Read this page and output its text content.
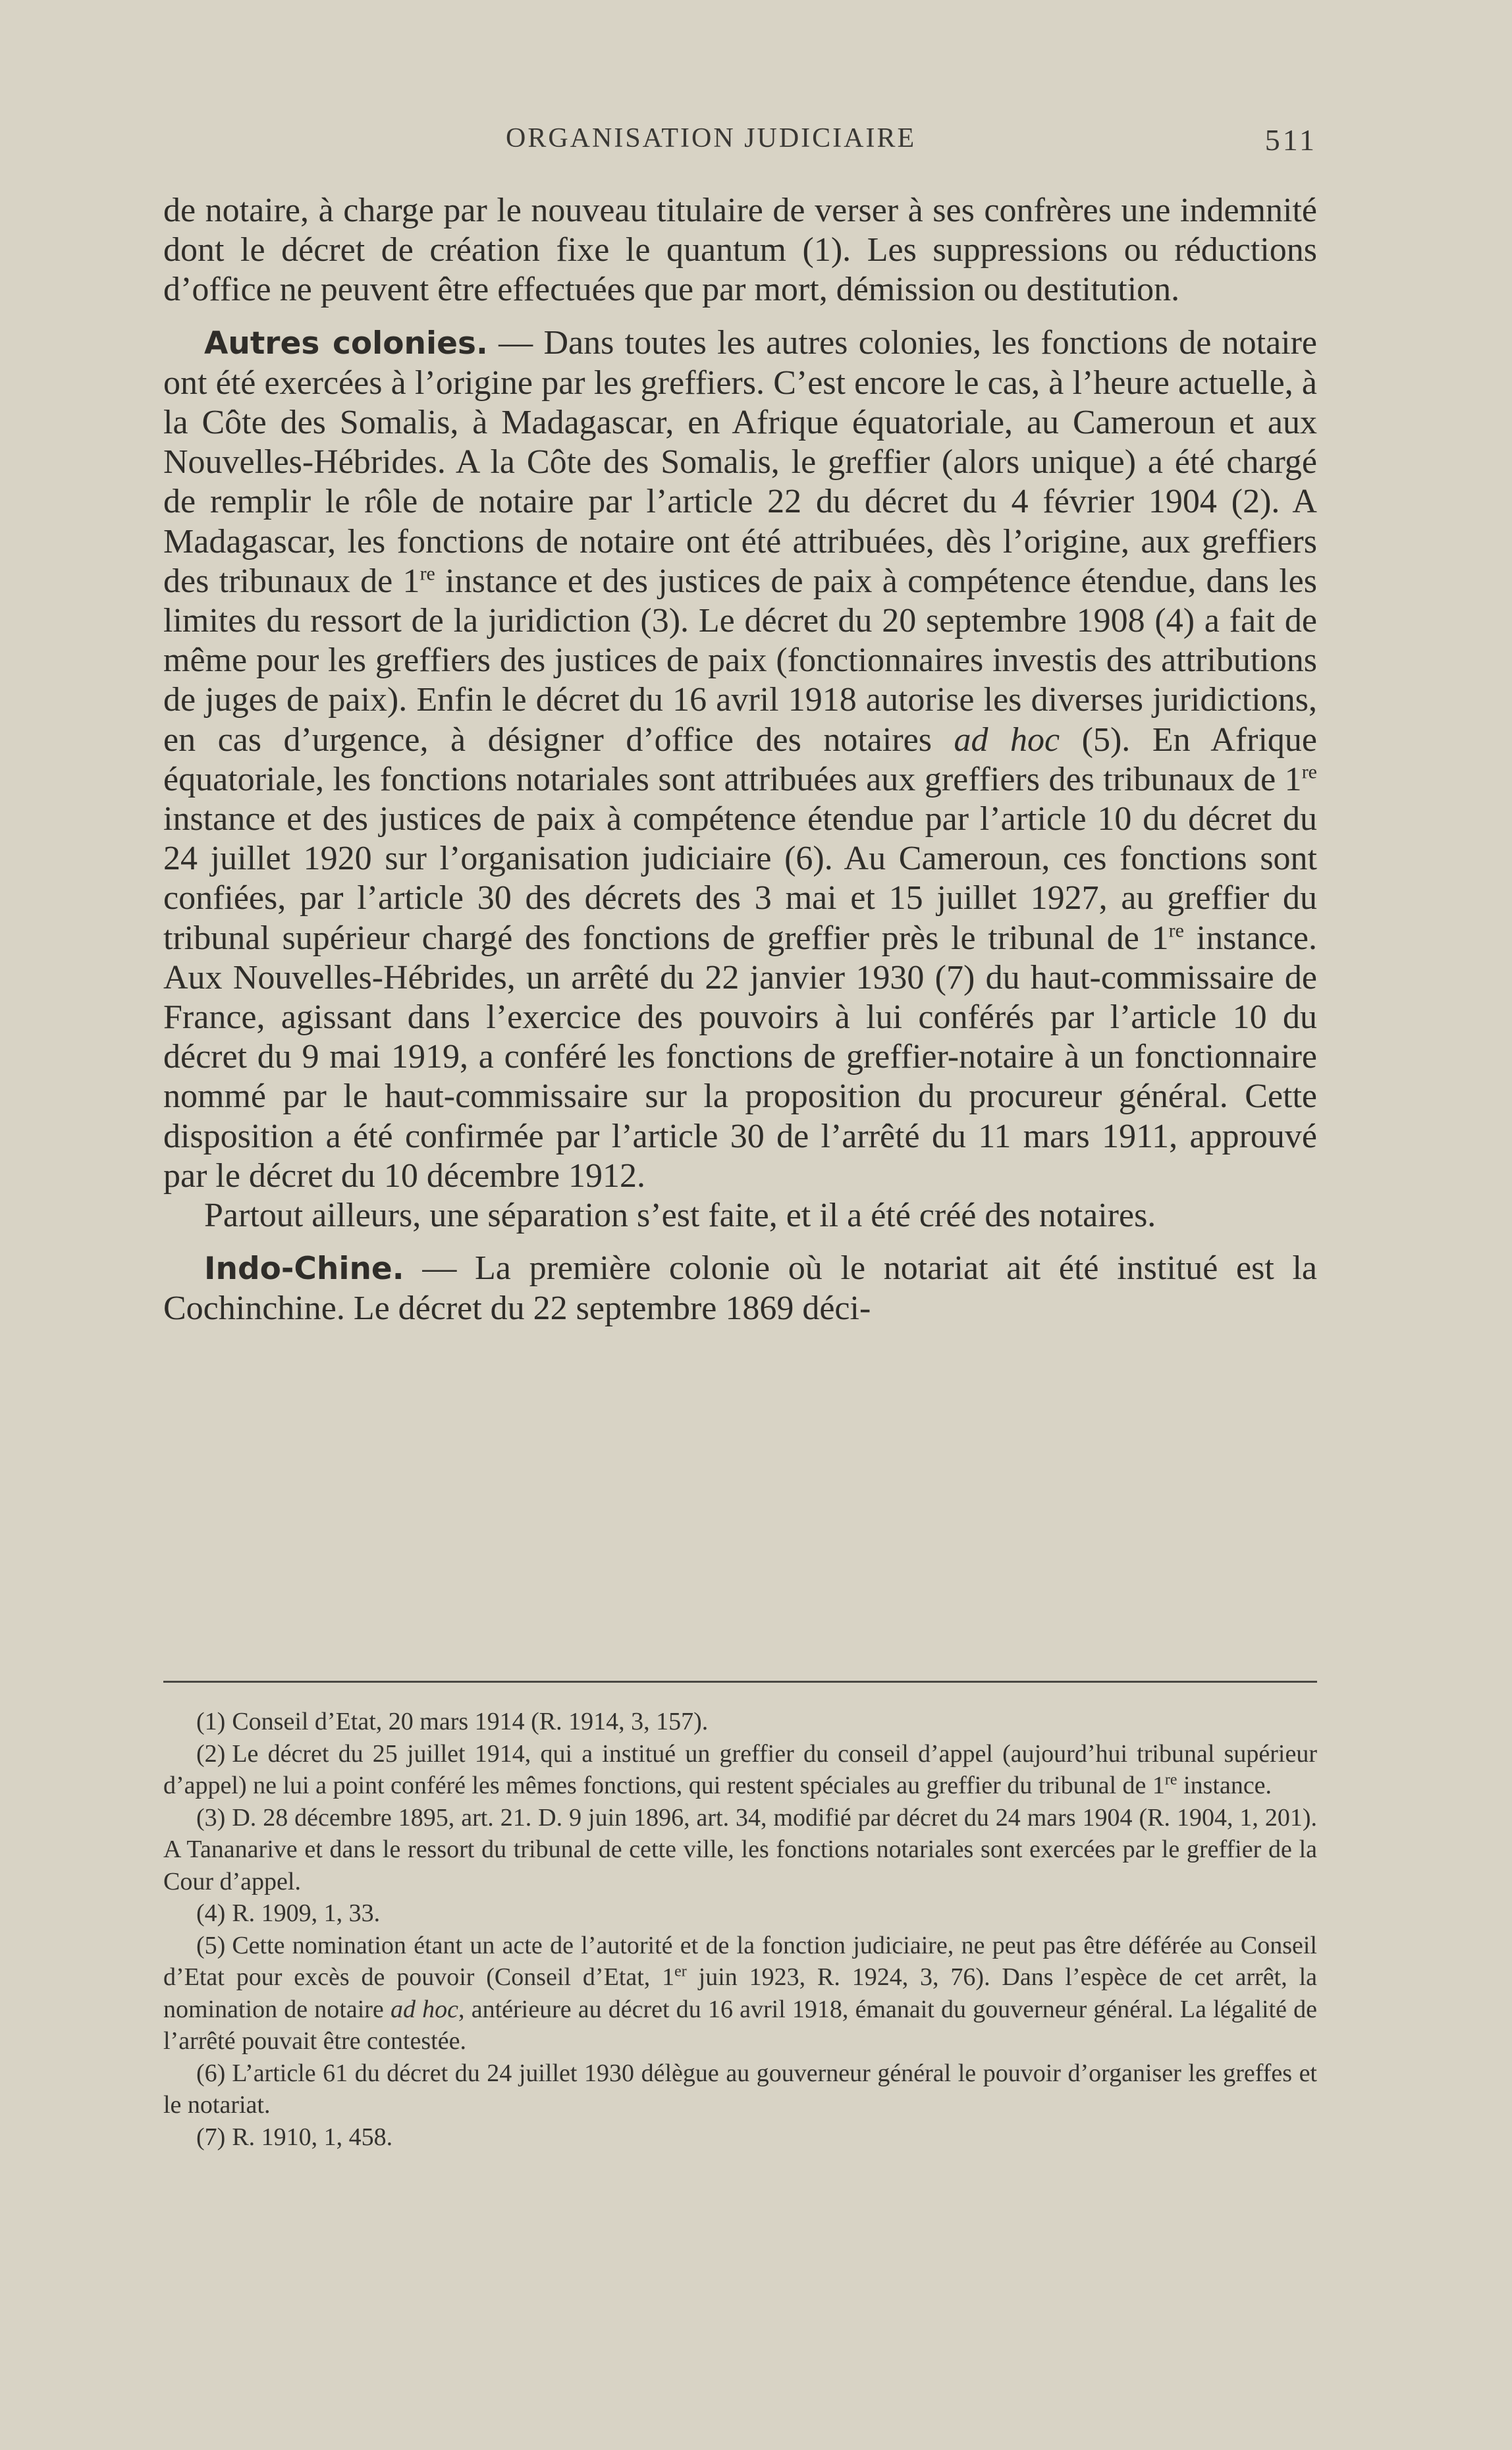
ORGANISATION JUDICIAIRE	511

de notaire, à charge par le nouveau titulaire de verser à ses confrères une indemnité dont le décret de création fixe le quantum (1). Les suppressions ou réductions d’office ne peuvent être effectuées que par mort, démission ou destitution.

Autres colonies. — Dans toutes les autres colonies, les fonctions de notaire ont été exercées à l’origine par les greffiers. C’est encore le cas, à l’heure actuelle, à la Côte des Somalis, à Madagascar, en Afrique équatoriale, au Cameroun et aux Nouvelles-Hébrides. A la Côte des Somalis, le greffier (alors unique) a été chargé de remplir le rôle de notaire par l’article 22 du décret du 4 février 1904 (2). A Madagascar, les fonctions de notaire ont été attribuées, dès l’origine, aux greffiers des tribunaux de 1re instance et des justices de paix à compétence étendue, dans les limites du ressort de la juridiction (3). Le décret du 20 septembre 1908 (4) a fait de même pour les greffiers des justices de paix (fonctionnaires investis des attributions de juges de paix). Enfin le décret du 16 avril 1918 autorise les diverses juridictions, en cas d’urgence, à désigner d’office des notaires ad hoc (5). En Afrique équatoriale, les fonctions notariales sont attribuées aux greffiers des tribunaux de 1re instance et des justices de paix à compétence étendue par l’article 10 du décret du 24 juillet 1920 sur l’organisation judiciaire (6). Au Cameroun, ces fonctions sont confiées, par l’article 30 des décrets des 3 mai et 15 juillet 1927, au greffier du tribunal supérieur chargé des fonctions de greffier près le tribunal de 1re instance. Aux Nouvelles-Hébrides, un arrêté du 22 janvier 1930 (7) du haut-commissaire de France, agissant dans l’exercice des pouvoirs à lui conférés par l’article 10 du décret du 9 mai 1919, a conféré les fonctions de greffier-notaire à un fonctionnaire nommé par le haut-commissaire sur la proposition du procureur général. Cette disposition a été confirmée par l’article 30 de l’arrêté du 11 mars 1911, approuvé par le décret du 10 décembre 1912.

Partout ailleurs, une séparation s’est faite, et il a été créé des notaires.

Indo-Chine. — La première colonie où le notariat ait été institué est la Cochinchine. Le décret du 22 septembre 1869 déci-

(1) Conseil d’Etat, 20 mars 1914 (R. 1914, 3, 157).

(2) Le décret du 25 juillet 1914, qui a institué un greffier du conseil d’appel (aujourd’hui tribunal supérieur d’appel) ne lui a point conféré les mêmes fonctions, qui restent spéciales au greffier du tribunal de 1re instance.

(3) D. 28 décembre 1895, art. 21. D. 9 juin 1896, art. 34, modifié par décret du 24 mars 1904 (R. 1904, 1, 201). A Tananarive et dans le ressort du tribunal de cette ville, les fonctions notariales sont exercées par le greffier de la Cour d’appel.

(4) R. 1909, 1, 33.

(5) Cette nomination étant un acte de l’autorité et de la fonction judiciaire, ne peut pas être déférée au Conseil d’Etat pour excès de pouvoir (Conseil d’Etat, 1er juin 1923, R. 1924, 3, 76). Dans l’espèce de cet arrêt, la nomination de notaire ad hoc, antérieure au décret du 16 avril 1918, émanait du gouverneur général. La légalité de l’arrêté pouvait être contestée.

(6) L’article 61 du décret du 24 juillet 1930 délègue au gouverneur général le pouvoir d’organiser les greffes et le notariat.

(7) R. 1910, 1, 458.
